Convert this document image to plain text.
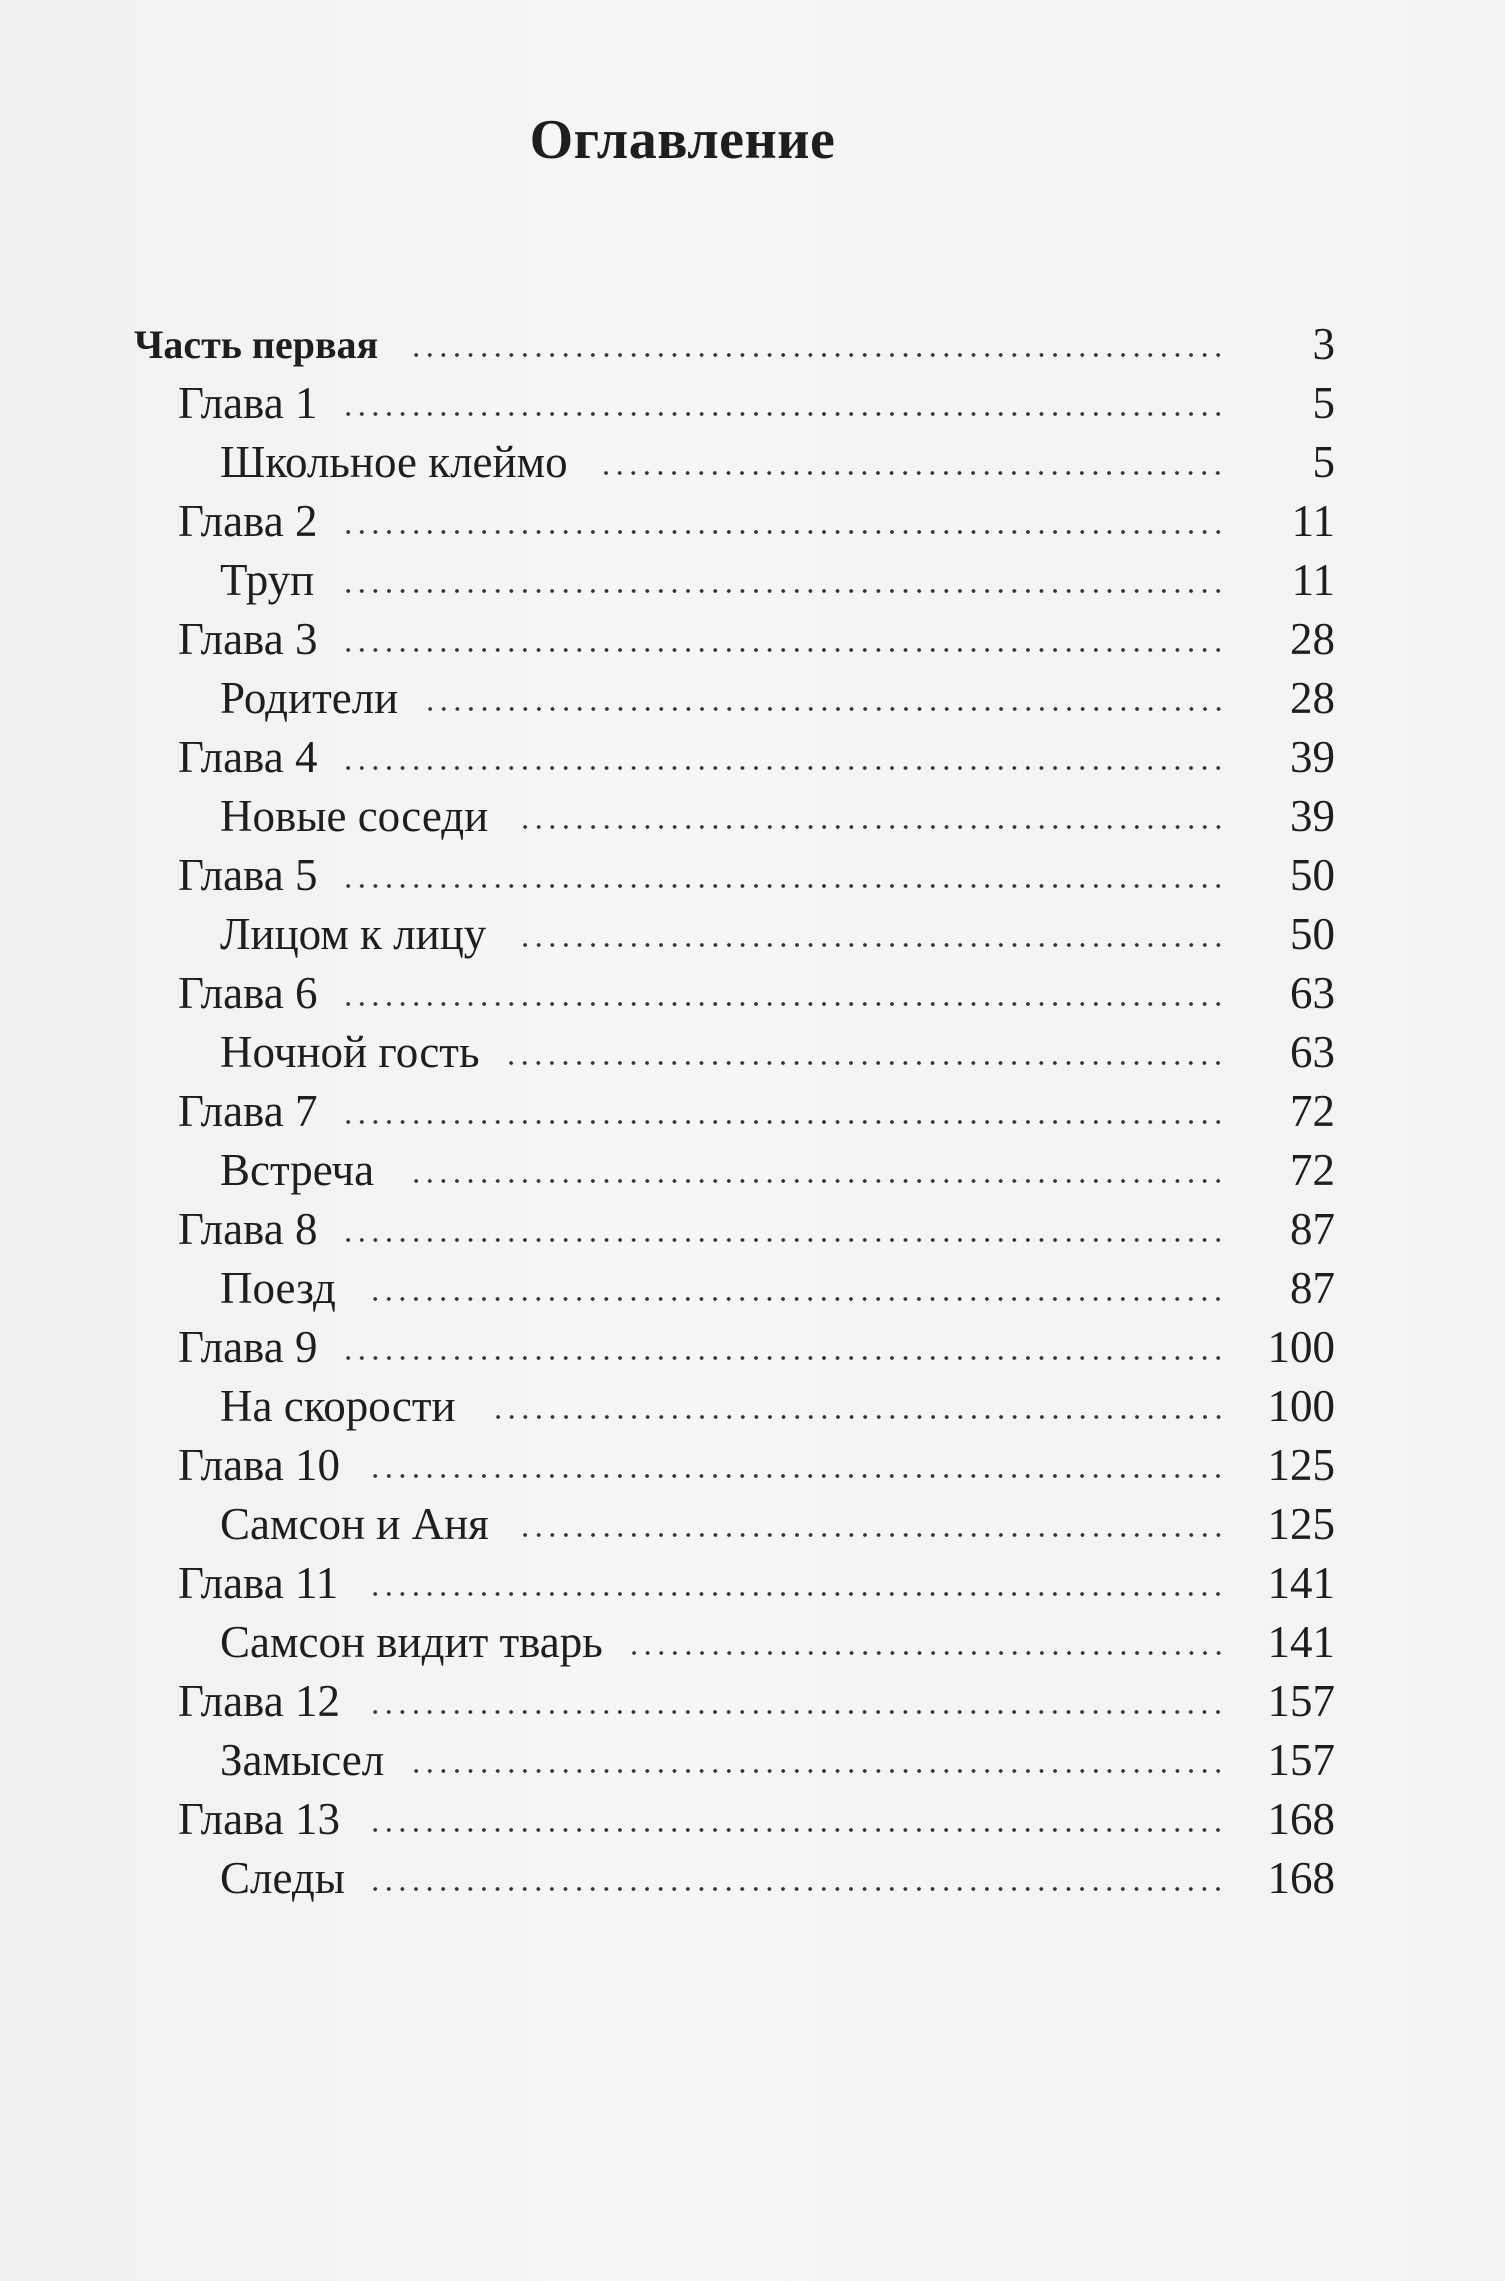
Оглавление
Часть первая	3
Глава 1	5
Школьное клеймо	5
Глава 2	11
Труп	11
Глава 3	28
Родители	28
Глава 4	39
Новые соседи	39
Глава 5	50
Лицом к лицу	50
Глава 6	63
Ночной гость	63
Глава 7	72
Встреча	72
Глава 8	87
Поезд	87
Глава 9	100
На скорости	100
Глава 10	125
Самсон и Аня	125
Глава 11	141
Самсон видит тварь	141
Глава 12	157
Замысел	157
Глава 13	168
Следы	168
